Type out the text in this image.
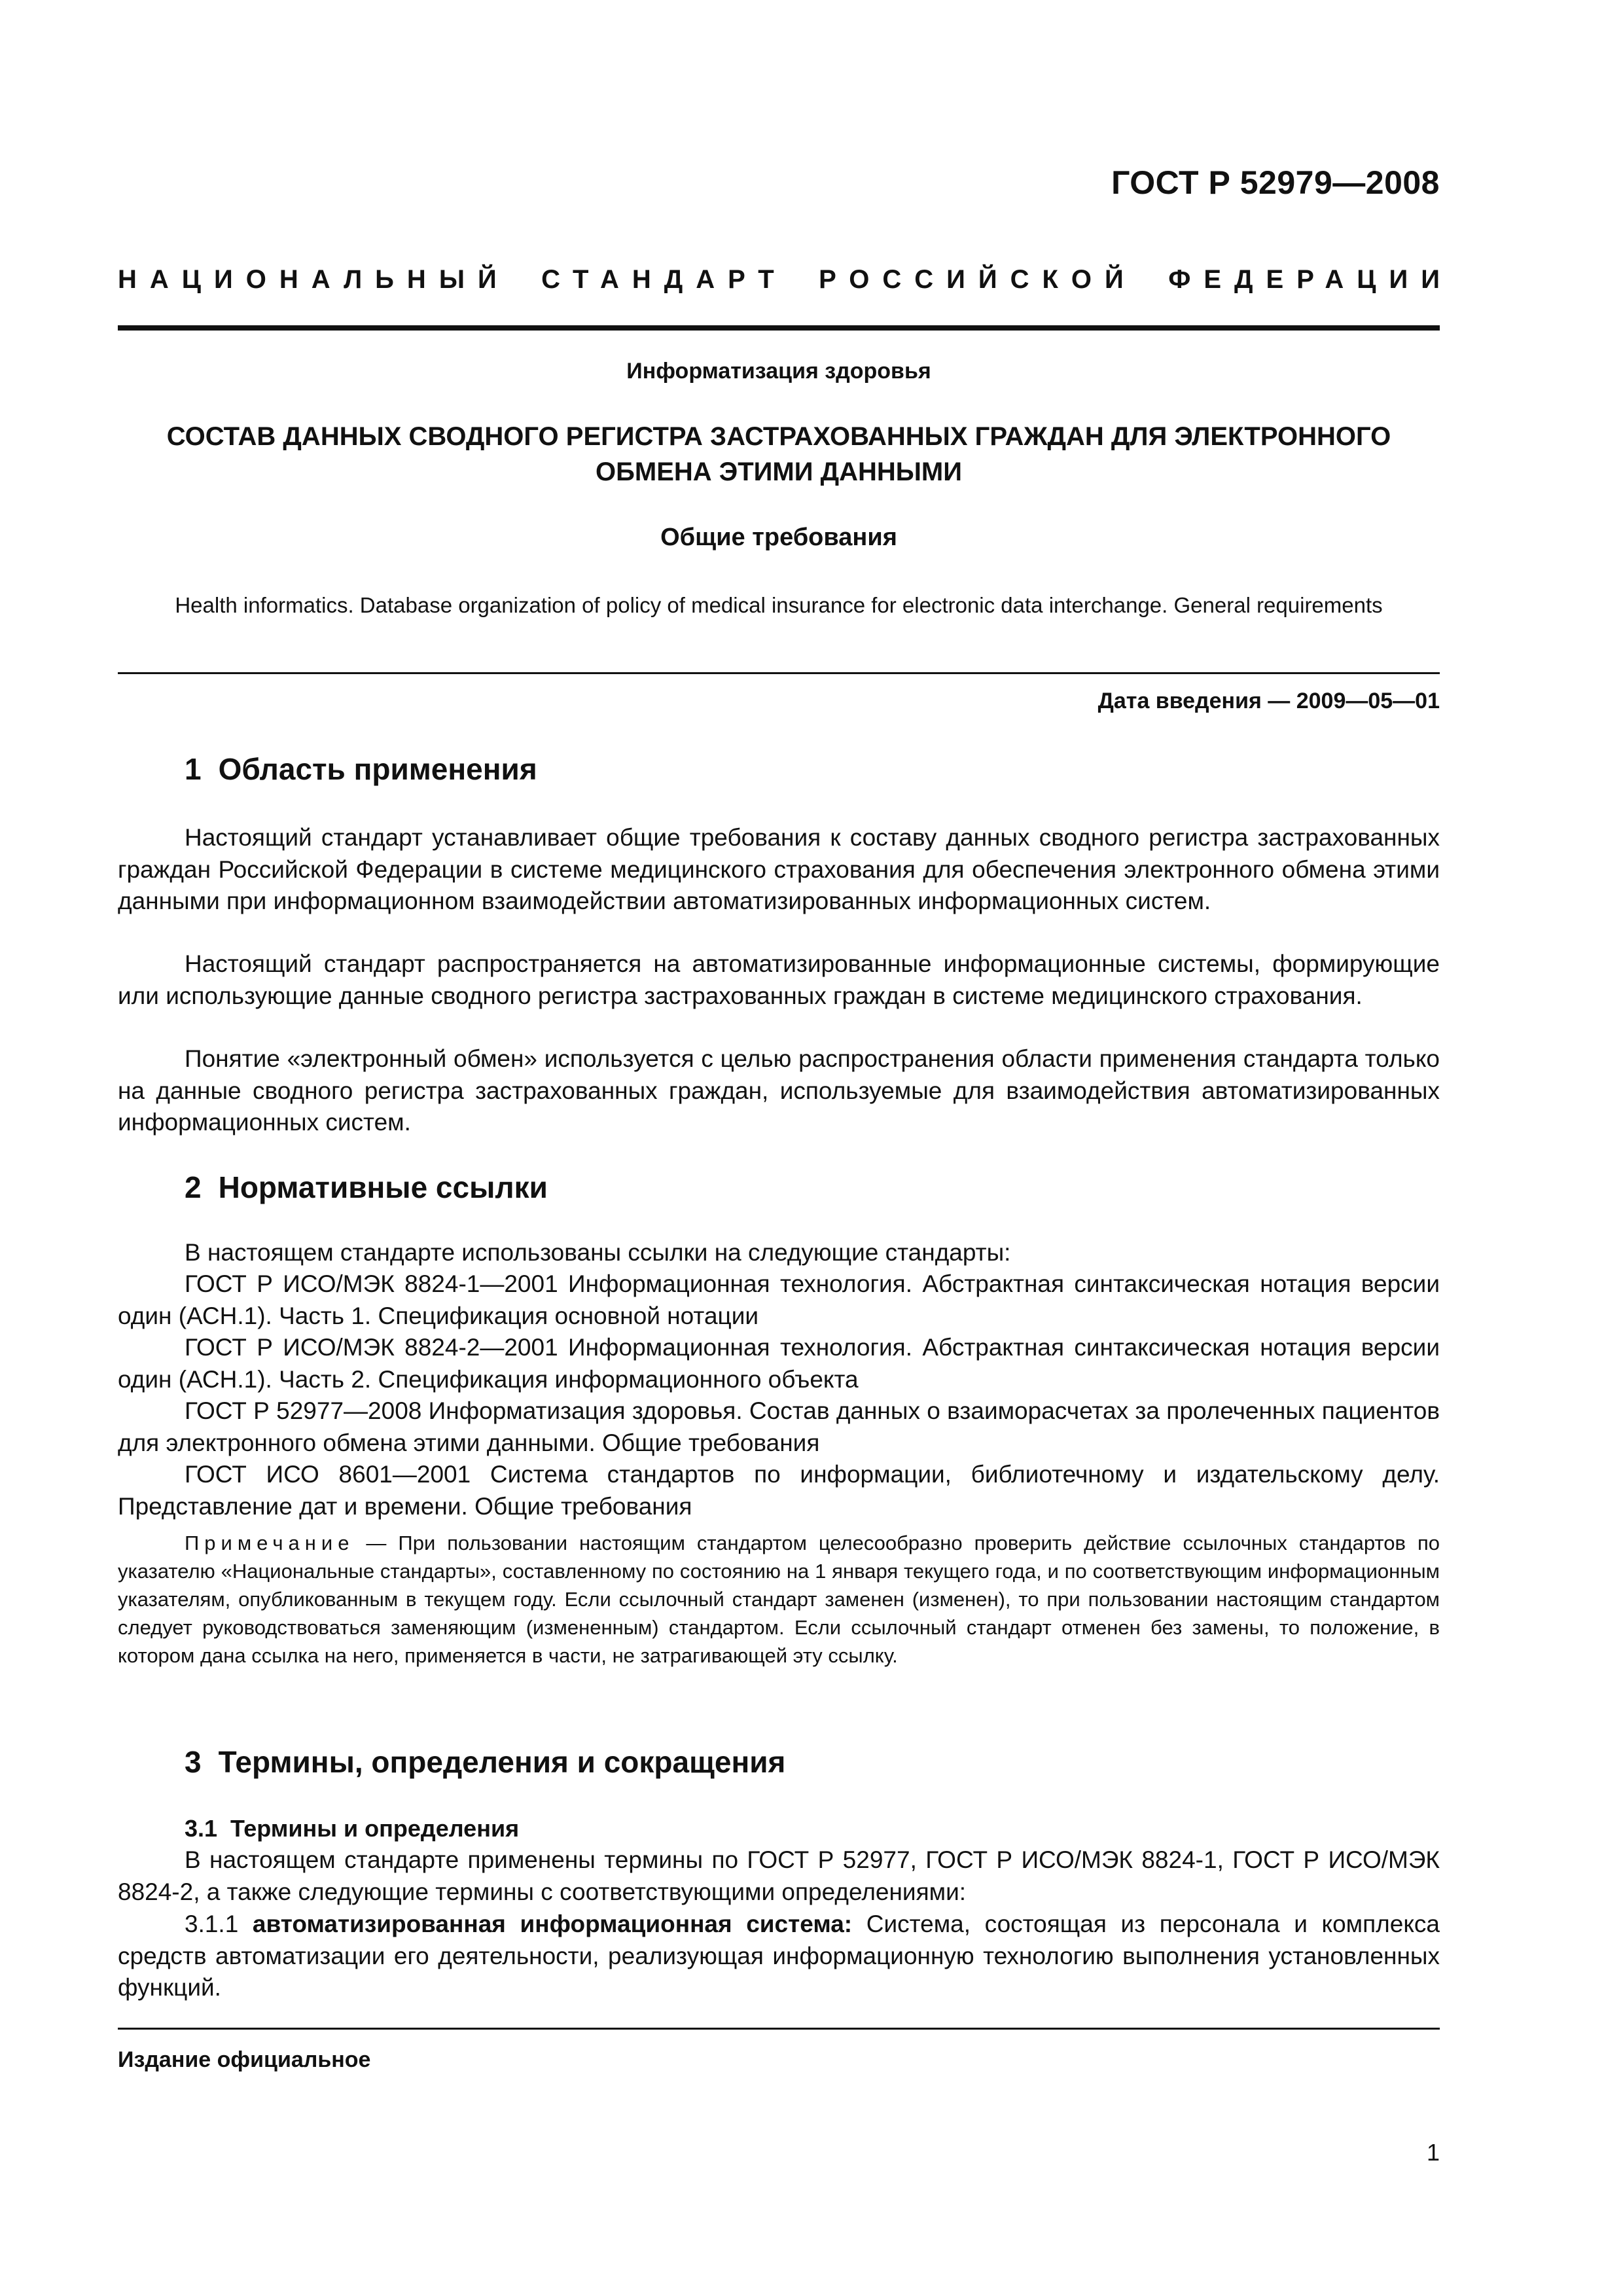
ГОСТ Р 52979—2008
НАЦИОНАЛЬНЫЙ СТАНДАРТ РОССИЙСКОЙ ФЕДЕРАЦИИ
Информатизация здоровья
СОСТАВ ДАННЫХ СВОДНОГО РЕГИСТРА ЗАСТРАХОВАННЫХ ГРАЖДАН ДЛЯ ЭЛЕКТРОННОГО ОБМЕНА ЭТИМИ ДАННЫМИ
Общие требования
Health informatics. Database organization of policy of medical insurance for electronic data interchange. General requirements
Дата введения — 2009—05—01
1 Область применения

Настоящий стандарт устанавливает общие требования к составу данных сводного регистра застрахованных граждан Российской Федерации в системе медицинского страхования для обеспечения электронного обмена этими данными при информационном взаимодействии автоматизированных информационных систем.

Настоящий стандарт распространяется на автоматизированные информационные системы, формирующие или использующие данные сводного регистра застрахованных граждан в системе медицинского страхования.

Понятие «электронный обмен» используется с целью распространения области применения стандарта только на данные сводного регистра застрахованных граждан, используемые для взаимодействия автоматизированных информационных систем.

2 Нормативные ссылки

В настоящем стандарте использованы ссылки на следующие стандарты:

ГОСТ Р ИСО/МЭК 8824-1—2001 Информационная технология. Абстрактная синтаксическая нотация версии один (АСН.1). Часть 1. Спецификация основной нотации

ГОСТ Р ИСО/МЭК 8824-2—2001 Информационная технология. Абстрактная синтаксическая нотация версии один (АСН.1). Часть 2. Спецификация информационного объекта

ГОСТ Р 52977—2008 Информатизация здоровья. Состав данных о взаиморасчетах за пролеченных пациентов для электронного обмена этими данными. Общие требования

ГОСТ ИСО 8601—2001 Система стандартов по информации, библиотечному и издательскому делу. Представление дат и времени. Общие требования

Примечание — При пользовании настоящим стандартом целесообразно проверить действие ссылочных стандартов по указателю «Национальные стандарты», составленному по состоянию на 1 января текущего года, и по соответствующим информационным указателям, опубликованным в текущем году. Если ссылочный стандарт заменен (изменен), то при пользовании настоящим стандартом следует руководствоваться заменяющим (измененным) стандартом. Если ссылочный стандарт отменен без замены, то положение, в котором дана ссылка на него, применяется в части, не затрагивающей эту ссылку.

3 Термины, определения и сокращения
3.1 Термины и определения

В настоящем стандарте применены термины по ГОСТ Р 52977, ГОСТ Р ИСО/МЭК 8824-1, ГОСТ Р ИСО/МЭК 8824-2, а также следующие термины с соответствующими определениями:

3.1.1 автоматизированная информационная система: Система, состоящая из персонала и комплекса средств автоматизации его деятельности, реализующая информационную технологию выполнения установленных функций.

Издание официальное
1
